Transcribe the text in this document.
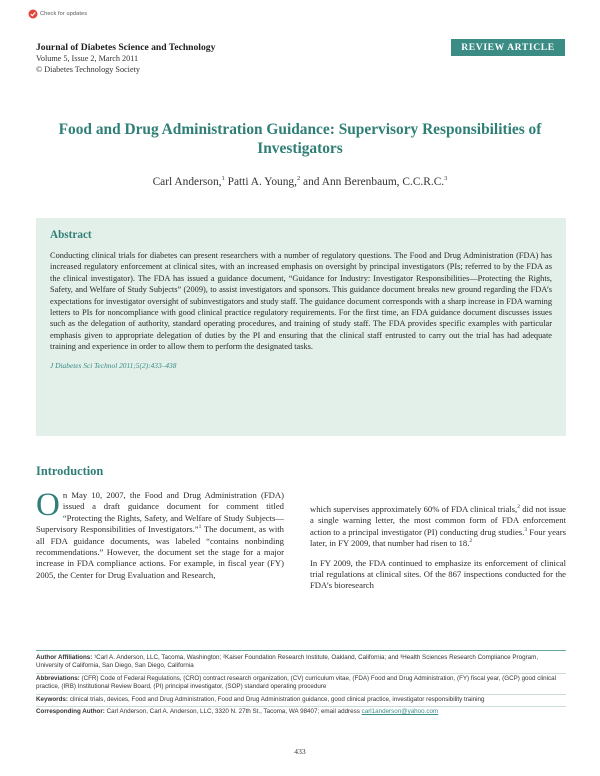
Check for updates
Journal of Diabetes Science and Technology
Volume 5, Issue 2, March 2011
© Diabetes Technology Society
REVIEW ARTICLE
Food and Drug Administration Guidance: Supervisory Responsibilities of Investigators
Carl Anderson,$^1$ Patti A. Young,$^2$ and Ann Berenbaum, C.C.R.C.$^3$
Abstract

Conducting clinical trials for diabetes can present researchers with a number of regulatory questions. The Food and Drug Administration (FDA) has increased regulatory enforcement at clinical sites, with an increased emphasis on oversight by principal investigators (PIs; referred to by the FDA as the clinical investigator). The FDA has issued a guidance document, “Guidance for Industry: Investigator Responsibilities—Protecting the Rights, Safety, and Welfare of Study Subjects” (2009), to assist investigators and sponsors. This guidance document breaks new ground regarding the FDA’s expectations for investigator oversight of subinvestigators and study staff. The guidance document corresponds with a sharp increase in FDA warning letters to PIs for noncompliance with good clinical practice regulatory requirements. For the first time, an FDA guidance document discusses issues such as the delegation of authority, standard operating procedures, and training of study staff. The FDA provides specific examples with particular emphasis given to appropriate delegation of duties by the PI and ensuring that the clinical staff entrusted to carry out the trial has had adequate training and experience in order to allow them to perform the designated tasks.

J Diabetes Sci Technol 2011;5(2):433–438
Introduction

On May 10, 2007, the Food and Drug Administration (FDA) issued a draft guidance document for comment titled “Protecting the Rights, Safety, and Welfare of Study Subjects—Supervisory Responsibilities of Investigators.”$^1$ The document, as with all FDA guidance documents, was labeled “contains nonbinding recommendations.” However, the document set the stage for a major increase in FDA compliance actions. For example, in fiscal year (FY) 2005, the Center for Drug Evaluation and Research,

which supervises approximately 60% of FDA clinical trials,$^2$ did not issue a single warning letter, the most common form of FDA enforcement action to a principal investigator (PI) conducting drug studies.$^3$ Four years later, in FY 2009, that number had risen to 18.$^2$

In FY 2009, the FDA continued to emphasize its enforcement of clinical trial regulations at clinical sites. Of the 867 inspections conducted for the FDA’s bioresearch

Author Affiliations: ¹Carl A. Anderson, LLC, Tacoma, Washington; ²Kaiser Foundation Research Institute, Oakland, California; and ³Health Sciences Research Compliance Program, University of California, San Diego, San Diego, California
Abbreviations: (CFR) Code of Federal Regulations, (CRO) contract research organization, (CV) curriculum vitae, (FDA) Food and Drug Administration, (FY) fiscal year, (GCP) good clinical practice, (IRB) Institutional Review Board, (PI) principal investigator, (SOP) standard operating procedure
Keywords: clinical trials, devices, Food and Drug Administration, Food and Drug Administration guidance, good clinical practice, investigator responsibility training
Corresponding Author: Carl Anderson, Carl A. Anderson, LLC, 3320 N. 27th St., Tacoma, WA 98407; email address carl1anderson@yahoo.com
433
